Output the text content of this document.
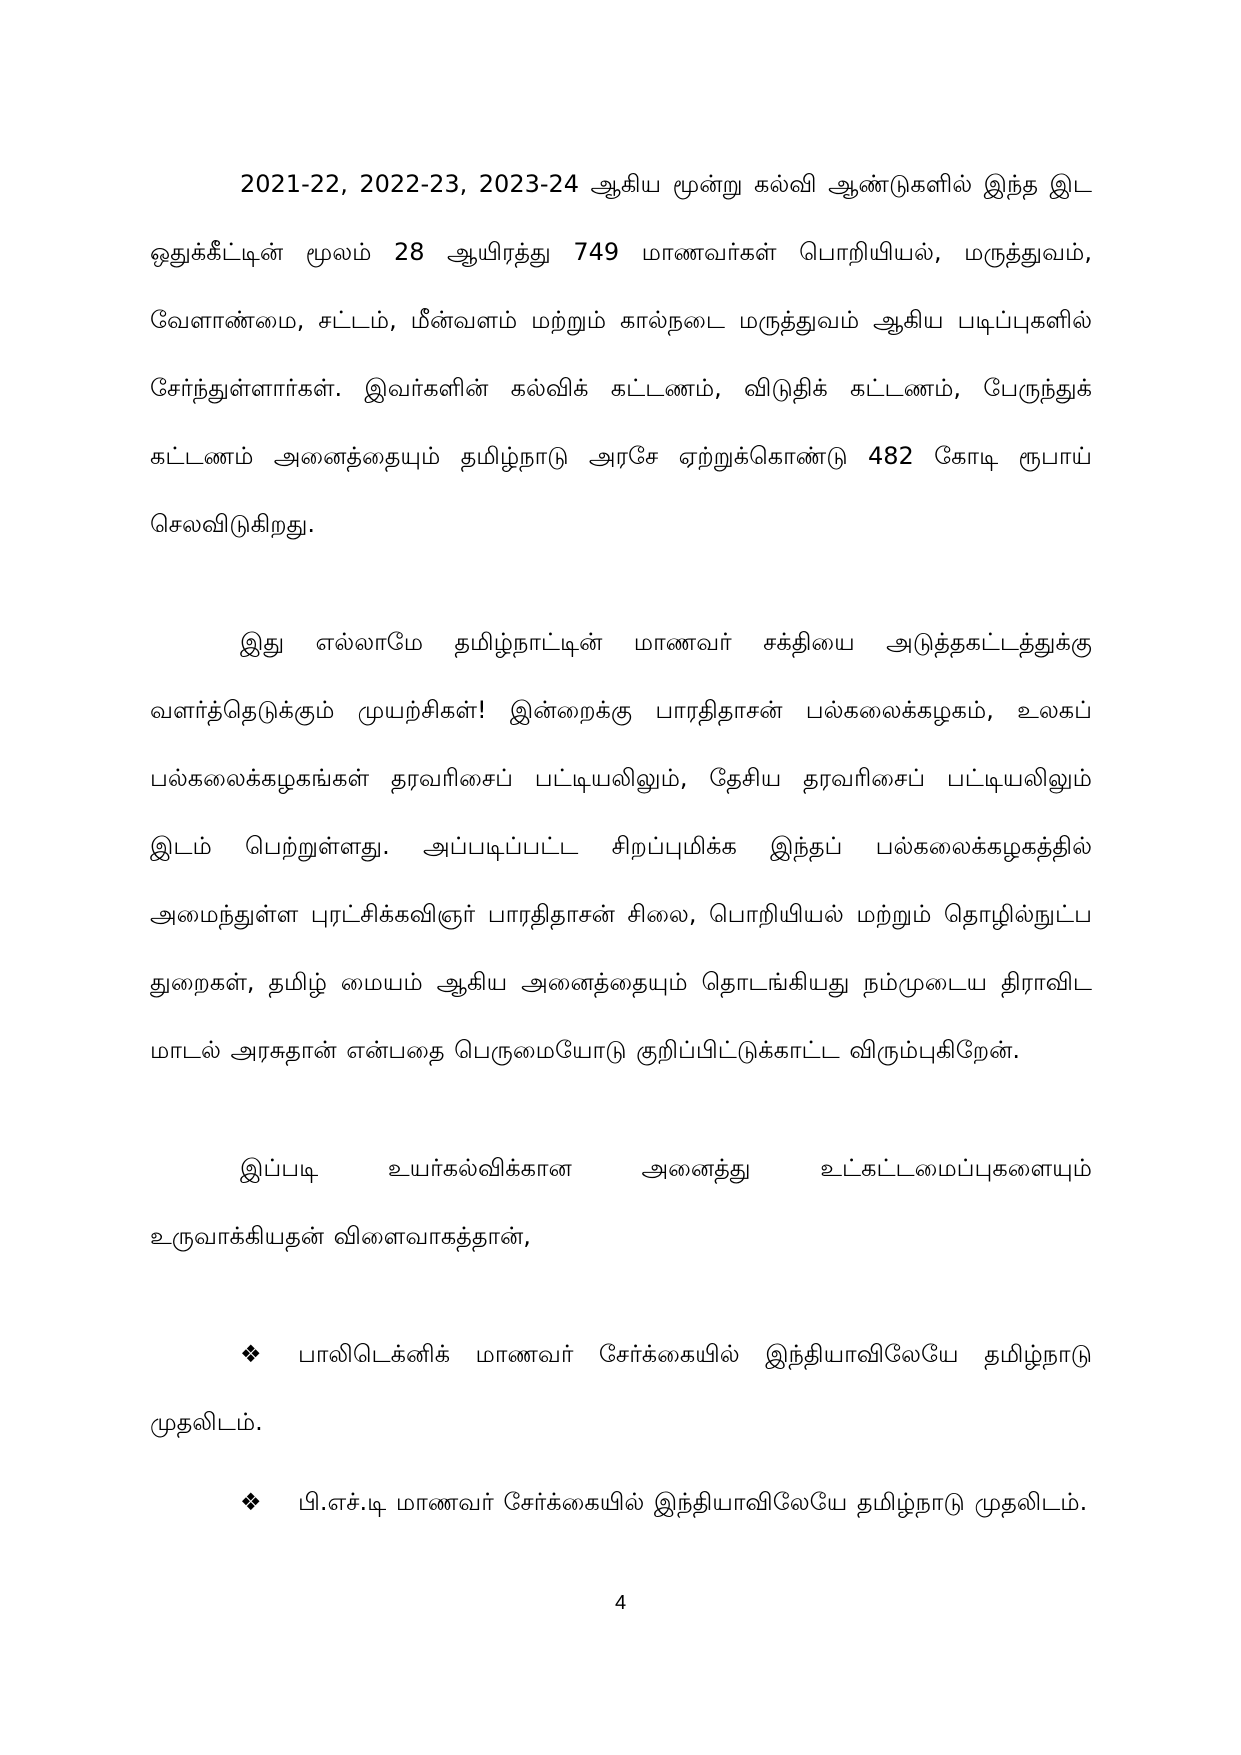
2021-22, 2022-23, 2023-24 ஆகிய மூன்று கல்வி ஆண்டுகளில் இந்த இட ஒதுக்கீட்டின் மூலம் 28 ஆயிரத்து 749 மாணவர்கள் பொறியியல், மருத்துவம், வேளாண்மை, சட்டம், மீன்வளம் மற்றும் கால்நடை மருத்துவம் ஆகிய படிப்புகளில் சேர்ந்துள்ளார்கள். இவர்களின் கல்விக் கட்டணம், விடுதிக் கட்டணம், பேருந்துக் கட்டணம் அனைத்தையும் தமிழ்நாடு அரசே ஏற்றுக்கொண்டு 482 கோடி ரூபாய் செலவிடுகிறது.

இது எல்லாமே தமிழ்நாட்டின் மாணவர் சக்தியை அடுத்தகட்டத்துக்கு வளர்த்தெடுக்கும் முயற்சிகள்! இன்றைக்கு பாரதிதாசன் பல்கலைக்கழகம், உலகப் பல்கலைக்கழகங்கள் தரவரிசைப் பட்டியலிலும், தேசிய தரவரிசைப் பட்டியலிலும் இடம் பெற்றுள்ளது. அப்படிப்பட்ட சிறப்புமிக்க இந்தப் பல்கலைக்கழகத்தில் அமைந்துள்ள புரட்சிக்கவிஞர் பாரதிதாசன் சிலை, பொறியியல் மற்றும் தொழில்நுட்ப துறைகள், தமிழ் மையம் ஆகிய அனைத்தையும் தொடங்கியது நம்முடைய திராவிட மாடல் அரசுதான் என்பதை பெருமையோடு குறிப்பிட்டுக்காட்ட விரும்புகிறேன்.

இப்படி உயர்கல்விக்கான அனைத்து உட்கட்டமைப்புகளையும் உருவாக்கியதன் விளைவாகத்தான்,

❖ பாலிடெக்னிக் மாணவர் சேர்க்கையில் இந்தியாவிலேயே தமிழ்நாடு முதலிடம்.

❖ பி.எச்.டி மாணவர் சேர்க்கையில் இந்தியாவிலேயே தமிழ்நாடு முதலிடம்.

4
